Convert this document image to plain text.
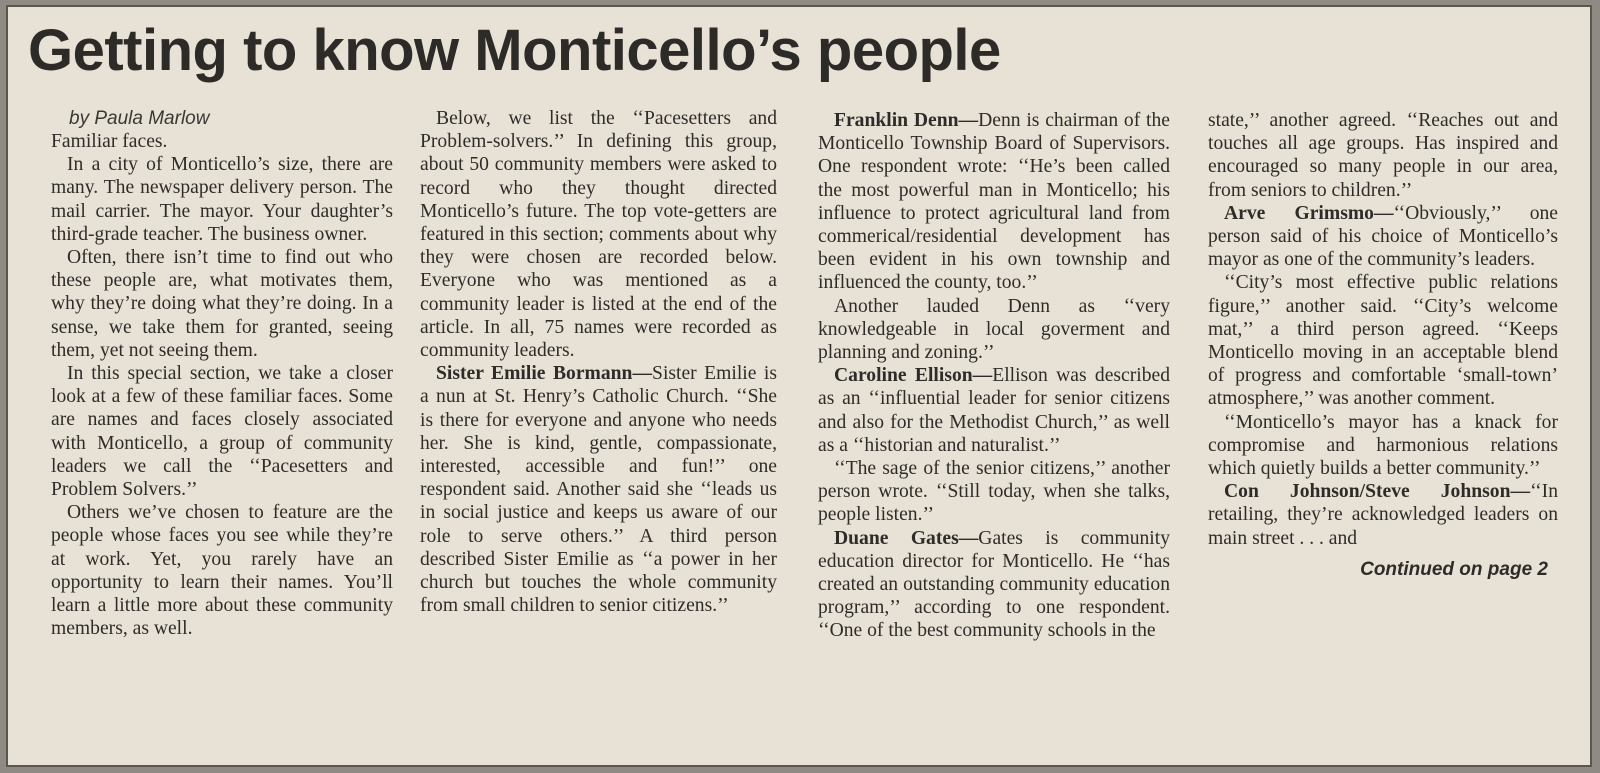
Getting to know Monticello’s people
by Paula Marlow

Familiar faces.

In a city of Monticello’s size, there are many. The newspaper delivery person. The mail carrier. The mayor. Your daughter’s third-grade teacher. The business owner.

Often, there isn’t time to find out who these people are, what motivates them, why they’re doing what they’re doing. In a sense, we take them for granted, seeing them, yet not seeing them.

In this special section, we take a closer look at a few of these familiar faces. Some are names and faces closely associated with Monticello, a group of community leaders we call the ‘‘Pacesetters and Problem Solvers.’’

Others we’ve chosen to feature are the people whose faces you see while they’re at work. Yet, you rarely have an opportunity to learn their names. You’ll learn a little more about these community members, as well.

Below, we list the ‘‘Pacesetters and Problem-solvers.’’ In defining this group, about 50 community members were asked to record who they thought directed Monticello’s future. The top vote-getters are featured in this section; comments about why they were chosen are recorded below. Everyone who was mentioned as a community leader is listed at the end of the article. In all, 75 names were recorded as community leaders.

Sister Emilie Bormann—Sister Emilie is a nun at St. Henry’s Catholic Church. ‘‘She is there for everyone and anyone who needs her. She is kind, gentle, compassionate, interested, accessible and fun!’’ one respondent said. Another said she ‘‘leads us in social justice and keeps us aware of our role to serve others.’’ A third person described Sister Emilie as ‘‘a power in her church but touches the whole community from small children to senior citizens.’’

Franklin Denn—Denn is chairman of the Monticello Township Board of Supervisors. One respondent wrote: ‘‘He’s been called the most powerful man in Monticello; his influence to protect agricultural land from commerical/residential development has been evident in his own township and influenced the county, too.’’

Another lauded Denn as ‘‘very knowledgeable in local goverment and planning and zoning.’’

Caroline Ellison—Ellison was described as an ‘‘influential leader for senior citizens and also for the Methodist Church,’’ as well as a ‘‘historian and naturalist.’’

‘‘The sage of the senior citizens,’’ another person wrote. ‘‘Still today, when she talks, people listen.’’

Duane Gates—Gates is community education director for Monticello. He ‘‘has created an outstanding community education program,’’ according to one respondent. ‘‘One of the best community schools in the

state,’’ another agreed. ‘‘Reaches out and touches all age groups. Has inspired and encouraged so many people in our area, from seniors to children.’’

Arve Grimsmo—‘‘Obviously,’’ one person said of his choice of Monticello’s mayor as one of the community’s leaders.

‘‘City’s most effective public relations figure,’’ another said. ‘‘City’s welcome mat,’’ a third person agreed. ‘‘Keeps Monticello moving in an acceptable blend of progress and comfortable ‘small-town’ atmosphere,’’ was another comment.

‘‘Monticello’s mayor has a knack for compromise and harmonious relations which quietly builds a better community.’’

Con Johnson/Steve Johnson—‘‘In retailing, they’re acknowledged leaders on main street . . . and

Continued on page 2
